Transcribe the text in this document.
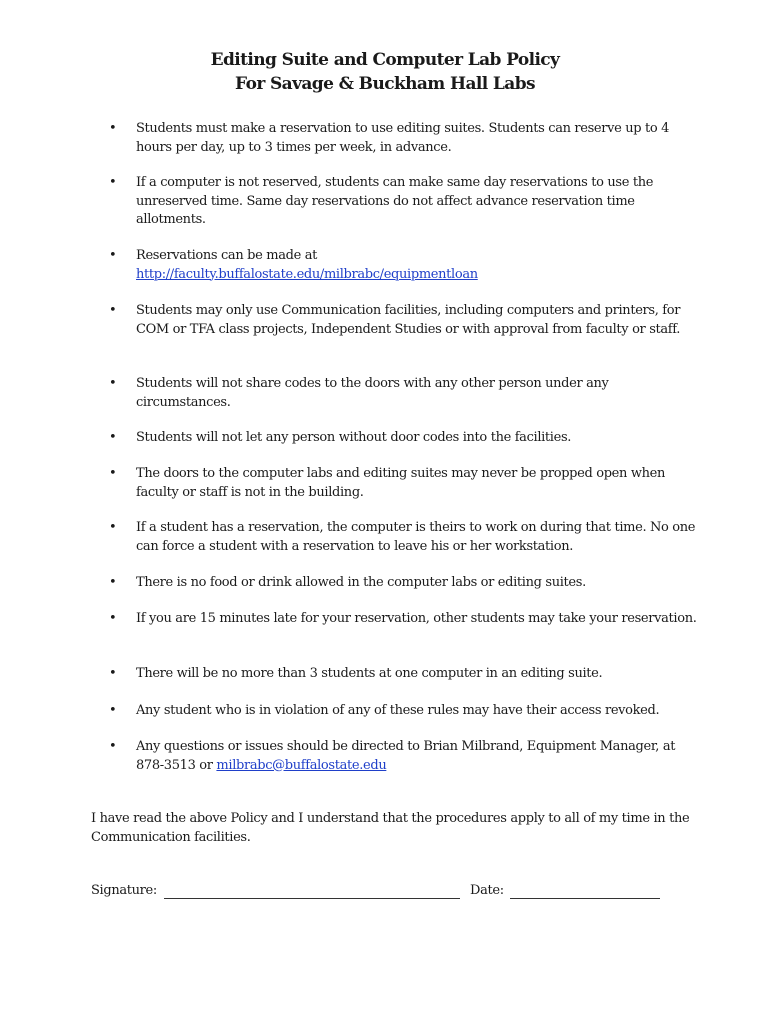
Editing Suite and Computer Lab Policy
For Savage & Buckham Hall Labs
• Students must make a reservation to use editing suites. Students can reserve up to 4 hours per day, up to 3 times per week, in advance.
• If a computer is not reserved, students can make same day reservations to use the unreserved time. Same day reservations do not affect advance reservation time allotments.
• Reservations can be made at
http://faculty.buffalostate.edu/milbrabc/equipmentloan
• Students may only use Communication facilities, including computers and printers, for COM or TFA class projects, Independent Studies or with approval from faculty or staff.
• Students will not share codes to the doors with any other person under any circumstances.
• Students will not let any person without door codes into the facilities.
• The doors to the computer labs and editing suites may never be propped open when faculty or staff is not in the building.
• If a student has a reservation, the computer is theirs to work on during that time. No one can force a student with a reservation to leave his or her workstation.
• There is no food or drink allowed in the computer labs or editing suites.
• If you are 15 minutes late for your reservation, other students may take your reservation.
• There will be no more than 3 students at one computer in an editing suite.
• Any student who is in violation of any of these rules may have their access revoked.
• Any questions or issues should be directed to Brian Milbrand, Equipment Manager, at 878-3513 or milbrabc@buffalostate.edu

I have read the above Policy and I understand that the procedures apply to all of my time in the Communication facilities.

Signature:	Date:
